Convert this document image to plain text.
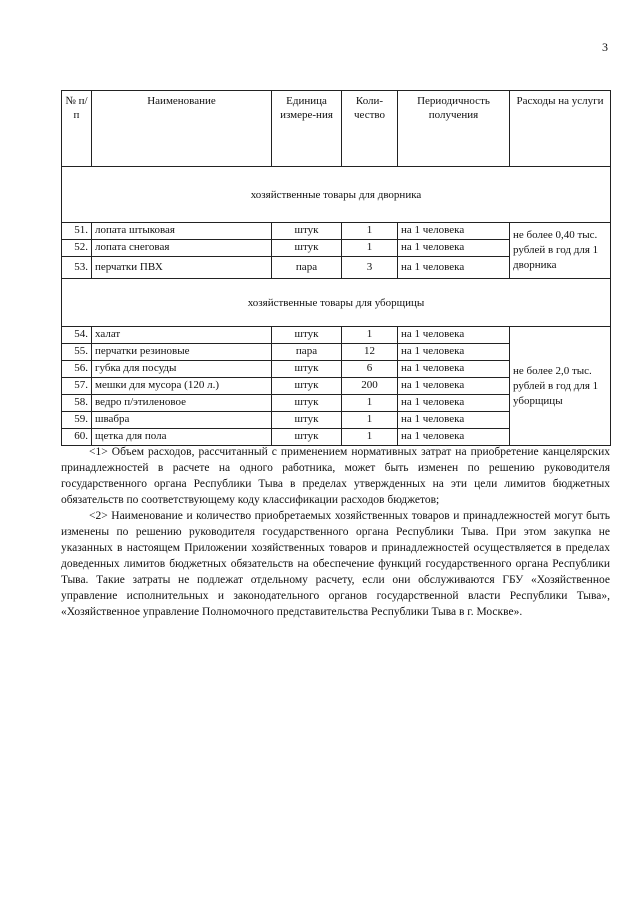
3
№ п/п	Наименование	Единица измере-ния	Коли-чество	Периодичность получения	Расходы на услуги
хозяйственные товары для дворника					
51.	лопата штыковая	штук	1	на 1 человека	не более 0,40 тыс. рублей в год для 1 дворника
52.	лопата снеговая	штук	1	на 1 человека	
53.	перчатки ПВХ	пара	3	на 1 человека	
хозяйственные товары для уборщицы					
54.	халат	штук	1	на 1 человека	не более 2,0 тыс. рублей в год для 1 уборщицы
55.	перчатки резиновые	пара	12	на 1 человека	
56.	губка для посуды	штук	6	на 1 человека	
57.	мешки для мусора (120 л.)	штук	200	на 1 человека	
58.	ведро п/этиленовое	штук	1	на 1 человека	
59.	швабра	штук	1	на 1 человека	
60.	щетка для пола	штук	1	на 1 человека	

<1> Объем расходов, рассчитанный с применением нормативных затрат на приобретение канцелярских принадлежностей в расчете на одного работника, может быть изменен по решению руководителя государственного органа Республики Тыва в пределах утвержденных на эти цели лимитов бюджетных обязательств по соответствующему коду классификации расходов бюджетов;

<2> Наименование и количество приобретаемых хозяйственных товаров и принадлежностей могут быть изменены по решению руководителя государственного органа Республики Тыва. При этом закупка не указанных в настоящем Приложении хозяйственных товаров и принадлежностей осуществляется в пределах доведенных лимитов бюджетных обязательств на обеспечение функций государственного органа Республики Тыва. Такие затраты не подлежат отдельному расчету, если они обслуживаются ГБУ «Хозяйственное управление исполнительных и законодательного органов государственной власти Республики Тыва», «Хозяйственное управление Полномочного представительства Республики Тыва в г. Москве».
